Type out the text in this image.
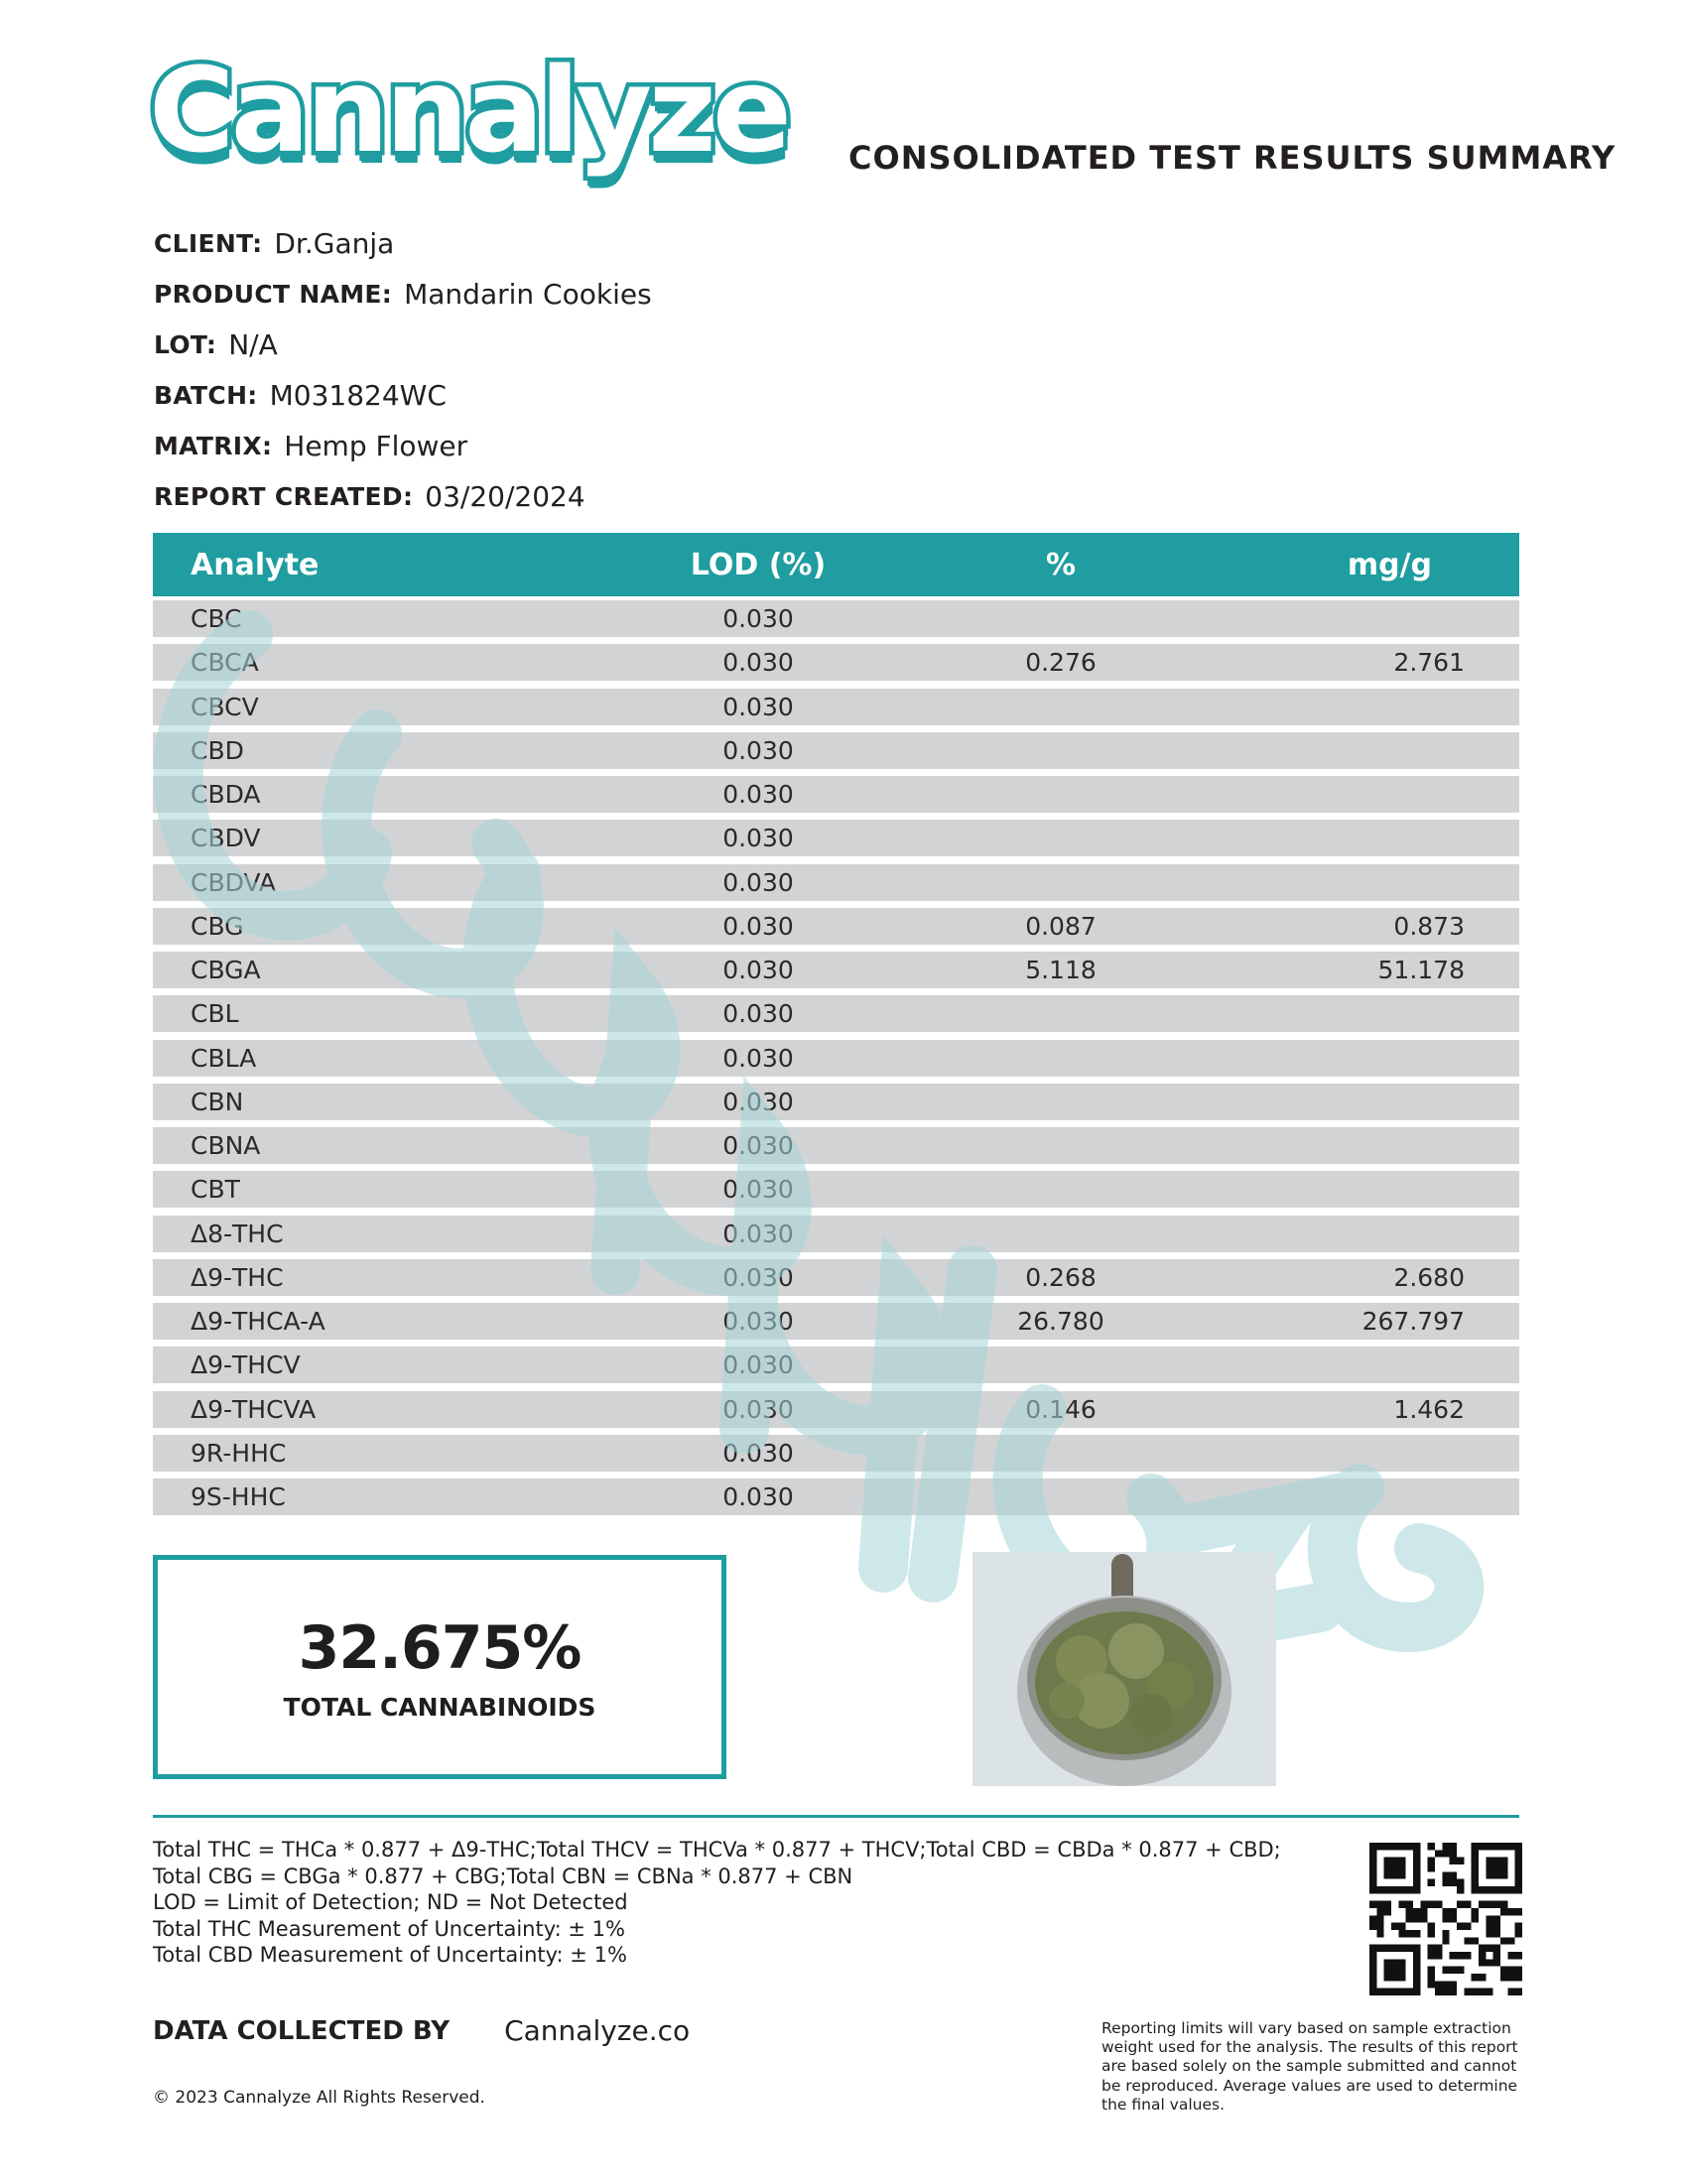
Cannalyze CONSOLIDATED TEST RESULTS SUMMARY
CLIENT: Dr.Ganja
PRODUCT NAME: Mandarin Cookies
LOT: N/A
BATCH: M031824WC
MATRIX: Hemp Flower
REPORT CREATED: 03/20/2024
Analyte	LOD (%)	%	mg/g
CBC	0.030
CBCA	0.030	0.276	2.761
CBCV	0.030
CBD	0.030
CBDA	0.030
CBDV	0.030
CBDVA	0.030
CBG	0.030	0.087	0.873
CBGA	0.030	5.118	51.178
CBL	0.030
CBLA	0.030
CBN	0.030
CBNA	0.030
CBT	0.030
Δ8-THC	0.030
Δ9-THC	0.030	0.268	2.680
Δ9-THCA-A	0.030	26.780	267.797
Δ9-THCV	0.030
Δ9-THCVA	0.030	0.146	1.462
9R-HHC	0.030
9S-HHC	0.030
32.675%
TOTAL CANNABINOIDS
Total THC = THCa * 0.877 + Δ9-THC;Total THCV = THCVa * 0.877 + THCV;Total CBD = CBDa * 0.877 + CBD;
Total CBG = CBGa * 0.877 + CBG;Total CBN = CBNa * 0.877 + CBN
LOD = Limit of Detection; ND = Not Detected
Total THC Measurement of Uncertainty: ± 1%
Total CBD Measurement of Uncertainty: ± 1%
Reporting limits will vary based on sample extraction weight used for the analysis. The results of this report are based solely on the sample submitted and cannot be reproduced. Average values are used to determine the final values.
DATA COLLECTED BY Cannalyze.co
© 2023 Cannalyze All Rights Reserved.
